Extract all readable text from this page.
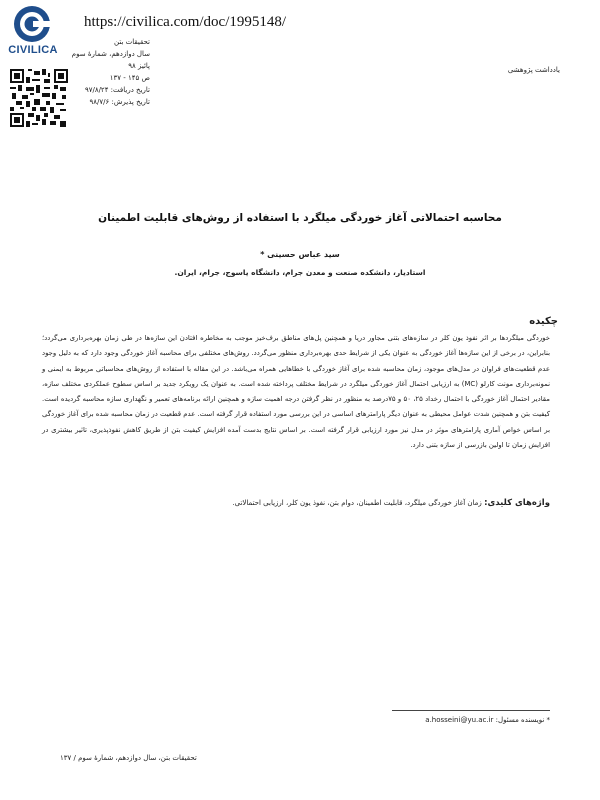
CIVILICA
https://civilica.com/doc/1995148/
تحقیقات بتن
سال دوازدهم، شمارهٔ سوم
پائیز ۹۸
ص ۱۴۵ - ۱۳۷
تاریخ دریافت: ۹۷/۸/۲۴
تاریخ پذیرش: ۹۸/۷/۶
یادداشت پژوهشی
محاسبه احتمالاتی آغاز خوردگی میلگرد با استفاده از روش‌های قابلیت اطمینان
سید عباس حسینی *
استادیار، دانشکده صنعت و معدن جرام، دانشگاه یاسوج، جرام، ایران.
چکیده
خوردگی میلگردها بر اثر نفوذ یون کلر در سازه‌های بتنی مجاور دریا و همچنین پل‌های مناطق برف‌خیز موجب به مخاطره افتادن این سازه‌ها در طی زمان بهره‌برداری می‌گردد؛ بنابراین، در برخی از این سازه‌ها آغاز خوردگی به عنوان یکی از شرایط حدی بهره‌برداری منظور می‌گردد. روش‌های مختلفی برای محاسبه آغاز خوردگی وجود دارد که به دلیل وجود عدم قطعیت‌های فراوان در مدل‌های موجود، زمان محاسبه شده برای آغاز خوردگی با خطاهایی همراه می‌باشد. در این مقاله با استفاده از روش‌های محاسباتی مربوط به ایمنی و نمونه‌برداری مونت کارلو (MC) به ارزیابی احتمال آغاز خوردگی میلگرد در شرایط مختلف پرداخته شده است. به عنوان یک رویکرد جدید بر اساس سطوح عملکردی مختلف سازه، مقادیر احتمال آغاز خوردگی با احتمال رخداد ۲۵، ۵۰ و ۷۵درصد به منظور در نظر گرفتن درجه اهمیت سازه و همچنین ارائه برنامه‌های تعمیر و نگهداری سازه محاسبه گردیده است. کیفیت بتن و همچنین شدت عوامل محیطی به عنوان دیگر پارامترهای اساسی در این بررسی مورد استفاده قرار گرفته است. عدم قطعیت در زمان محاسبه شده برای آغاز خوردگی بر اساس خواص آماری پارامترهای موثر در مدل نیز مورد ارزیابی قرار گرفته است. بر اساس نتایج بدست آمده افزایش کیفیت بتن از طریق کاهش نفوذپذیری، تاثیر بیشتری در افزایش زمان تا اولین بازرسی از سازه بتنی دارد.
واژه‌های کلیدی: زمان آغاز خوردگی میلگرد، قابلیت اطمینان، دوام بتن، نفوذ یون کلر، ارزیابی احتمالاتی.
* نویسنده مسئول: a.hosseini@yu.ac.ir
تحقیقات بتن، سال دوازدهم، شمارهٔ سوم / ۱۳۷
